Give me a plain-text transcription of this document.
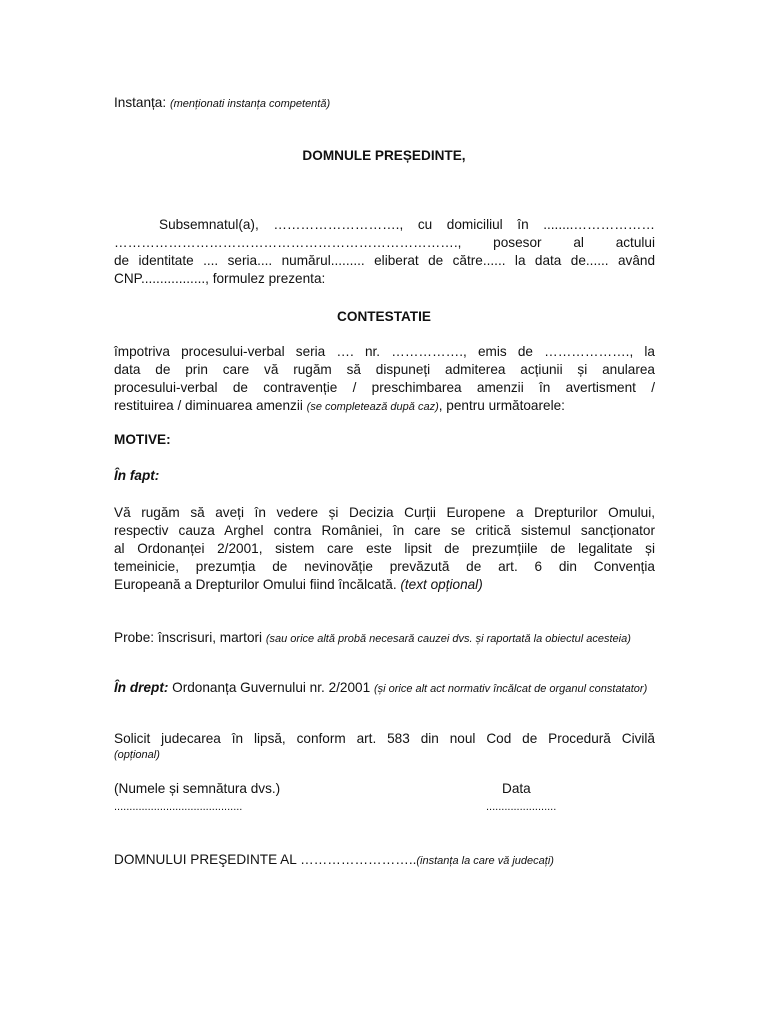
Instanța: (menționati instanța competentă)
DOMNULE PREȘEDINTE,
Subsemnatul(a), ………………………., cu domiciliul în ........………………
…………………………………………………………………., posesor al actului
de identitate .... seria.... numărul......... eliberat de către...... la data de...... având
CNP................., formulez prezenta:
CONTESTATIE
împotriva procesului-verbal seria …. nr. ……………., emis de ………………., la
data de prin care vă rugăm să dispuneți admiterea acțiunii și anularea
procesului-verbal de contravenție / preschimbarea amenzii în avertisment /
restituirea / diminuarea amenzii (se completează după caz), pentru următoarele:
MOTIVE:
În fapt:
Vă rugăm să aveți în vedere și Decizia Curții Europene a Drepturilor Omului,
respectiv cauza Arghel contra României, în care se critică sistemul sancționator
al Ordonanței 2/2001, sistem care este lipsit de prezumțiile de legalitate și
temeinicie, prezumția de nevinovăție prevăzută de art. 6 din Convenția
Europeană a Drepturilor Omului fiind încălcată. (text opțional)
Probe: înscrisuri, martori (sau orice altă probă necesară cauzei dvs. și raportată la obiectul acesteia)
În drept: Ordonanța Guvernului nr. 2/2001 (și orice alt act normativ încălcat de organul constatator)
Solicit judecarea în lipsă, conform art. 583 din noul Cod de Procedură Civilă
(opțional)
(Numele și semnătura dvs.)
..........................................
Data
.......................
DOMNULUI PREŞEDINTE AL ……………………..(instanța la care vă judecați)
